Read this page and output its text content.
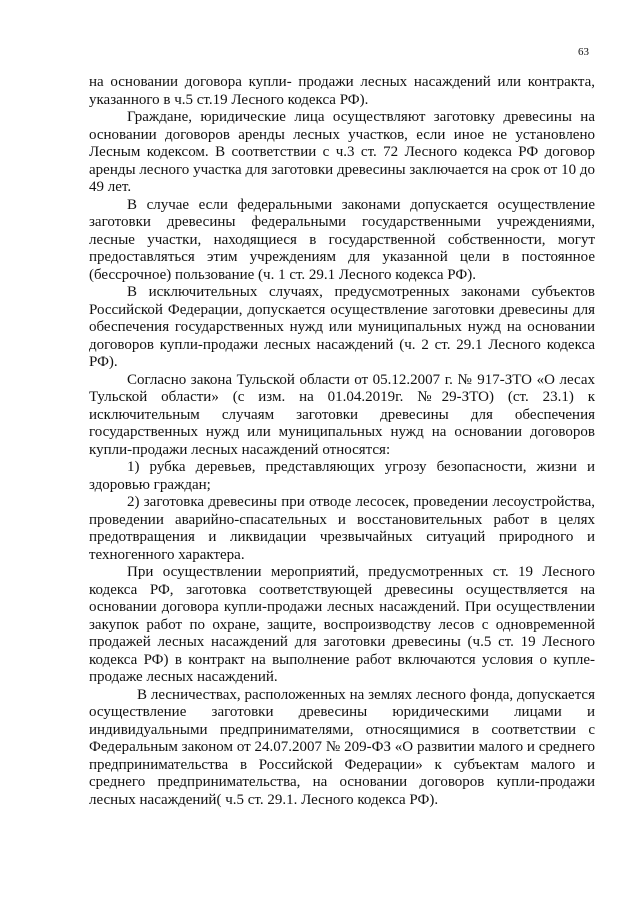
63

на основании договора купли- продажи лесных насаждений или контракта, указанного в ч.5 ст.19 Лесного кодекса РФ).

Граждане, юридические лица осуществляют заготовку древесины на основании договоров аренды лесных участков, если иное не установлено Лесным кодексом. В соответствии с ч.3 ст. 72 Лесного кодекса РФ договор аренды лесного участка для заготовки древесины заключается на срок от 10 до 49 лет.

В случае если федеральными законами допускается осуществление заготовки древесины федеральными государственными учреждениями, лесные участки, находящиеся в государственной собственности, могут предоставляться этим учреждениям для указанной цели в постоянное (бессрочное) пользование (ч. 1 ст. 29.1 Лесного кодекса РФ).

В исключительных случаях, предусмотренных законами субъектов Российской Федерации, допускается осуществление заготовки древесины для обеспечения государственных нужд или муниципальных нужд на основании договоров купли-продажи лесных насаждений (ч. 2 ст. 29.1 Лесного кодекса РФ).

Согласно закона Тульской области от 05.12.2007 г. № 917-ЗТО «О лесах Тульской области» (с изм. на 01.04.2019г. №29-ЗТО) (ст. 23.1) к исключительным случаям заготовки древесины для обеспечения государственных нужд или муниципальных нужд на основании договоров купли-продажи лесных насаждений относятся:

1) рубка деревьев, представляющих угрозу безопасности, жизни и здоровью граждан;

2) заготовка древесины при отводе лесосек, проведении лесоустройства, проведении аварийно-спасательных и восстановительных работ в целях предотвращения и ликвидации чрезвычайных ситуаций природного и техногенного характера.

При осуществлении мероприятий, предусмотренных ст. 19 Лесного кодекса РФ, заготовка соответствующей древесины осуществляется на основании договора купли-продажи лесных насаждений. При осуществлении закупок работ по охране, защите, воспроизводству лесов с одновременной продажей лесных насаждений для заготовки древесины (ч.5 ст. 19 Лесного кодекса РФ) в контракт на выполнение работ включаются условия о купле-продаже лесных насаждений.

В лесничествах, расположенных на землях лесного фонда, допускается осуществление заготовки древесины юридическими лицами и индивидуальными предпринимателями, относящимися в соответствии с Федеральным законом от 24.07.2007 № 209-ФЗ «О развитии малого и среднего предпринимательства в Российской Федерации» к субъектам малого и среднего предпринимательства, на основании договоров купли-продажи лесных насаждений( ч.5 ст. 29.1. Лесного кодекса РФ).
